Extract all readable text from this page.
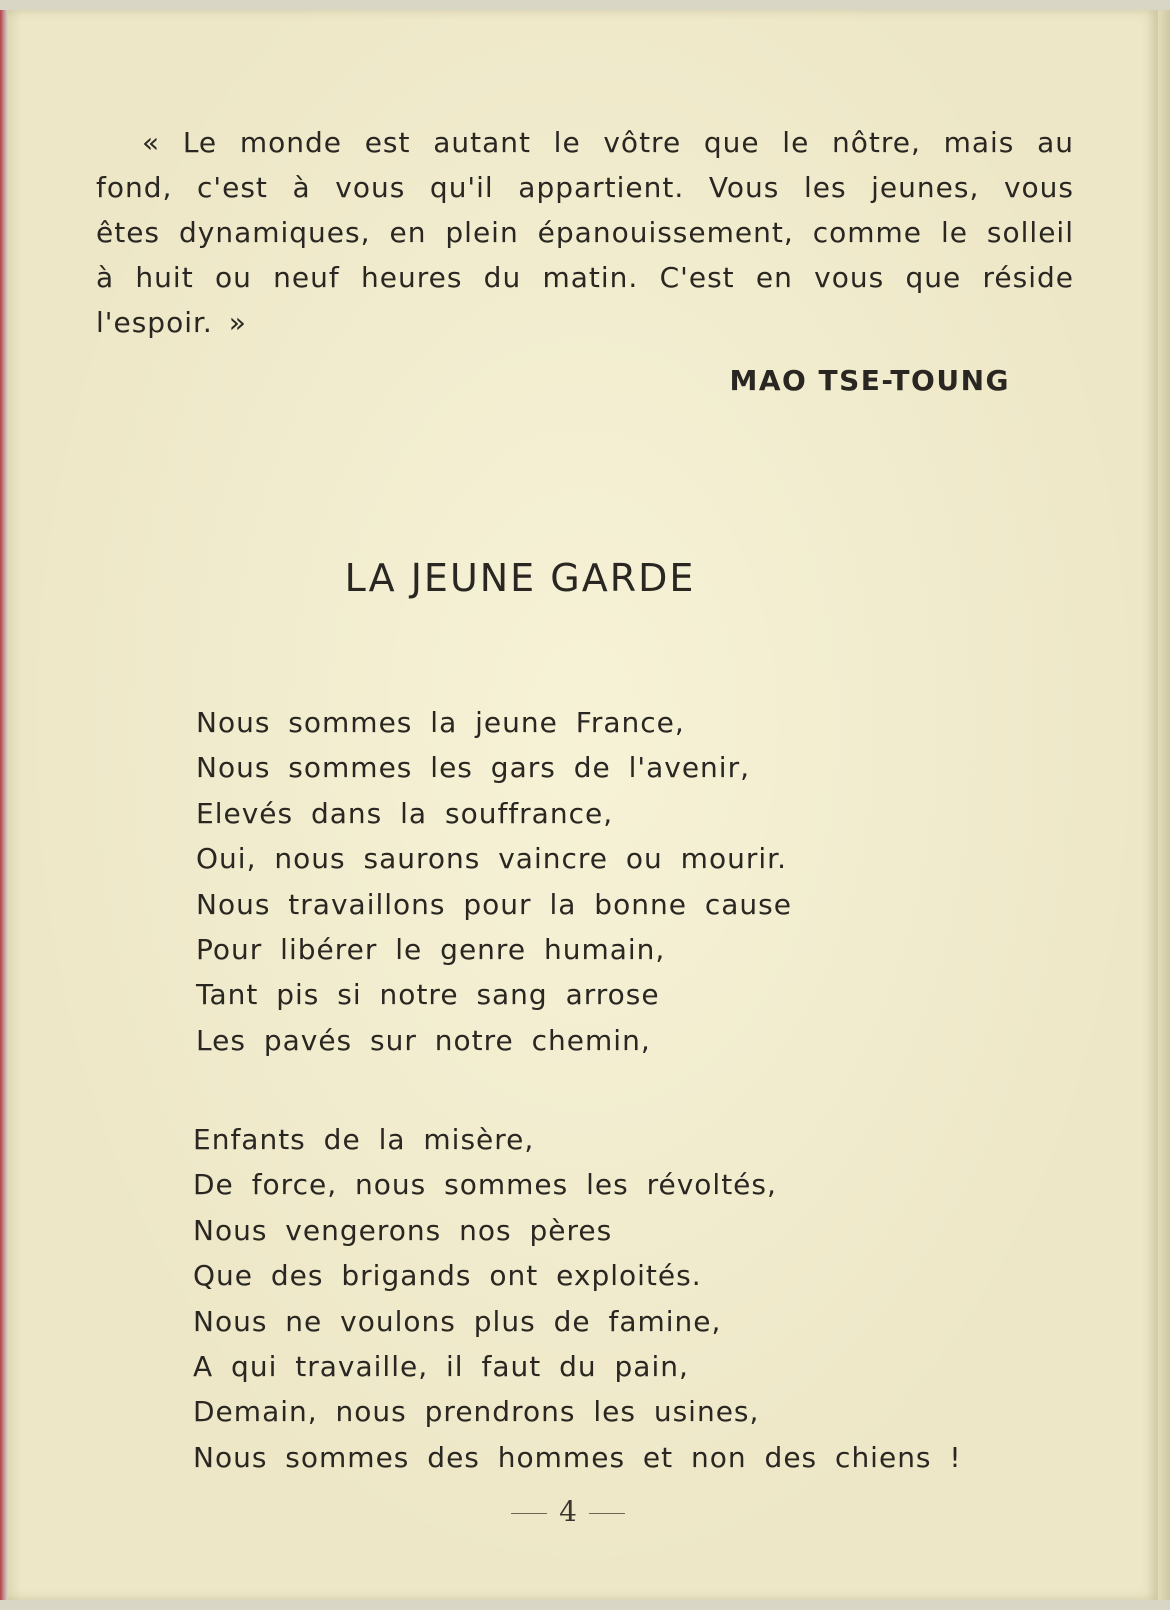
« Le monde est autant le vôtre que le nôtre, mais au fond, c'est à vous qu'il appartient. Vous les jeunes, vous êtes dynamiques, en plein épanouissement, comme le solleil à huit ou neuf heures du matin. C'est en vous que réside l'espoir. »

MAO TSE-TOUNG

LA JEUNE GARDE
Nous sommes la jeune France,
Nous sommes les gars de l'avenir,
Elevés dans la souffrance,
Oui, nous saurons vaincre ou mourir.
Nous travaillons pour la bonne cause
Pour libérer le genre humain,
Tant pis si notre sang arrose
Les pavés sur notre chemin,
Enfants de la misère,
De force, nous sommes les révoltés,
Nous vengerons nos pères
Que des brigands ont exploités.
Nous ne voulons plus de famine,
A qui travaille, il faut du pain,
Demain, nous prendrons les usines,
Nous sommes des hommes et non des chiens !
4
